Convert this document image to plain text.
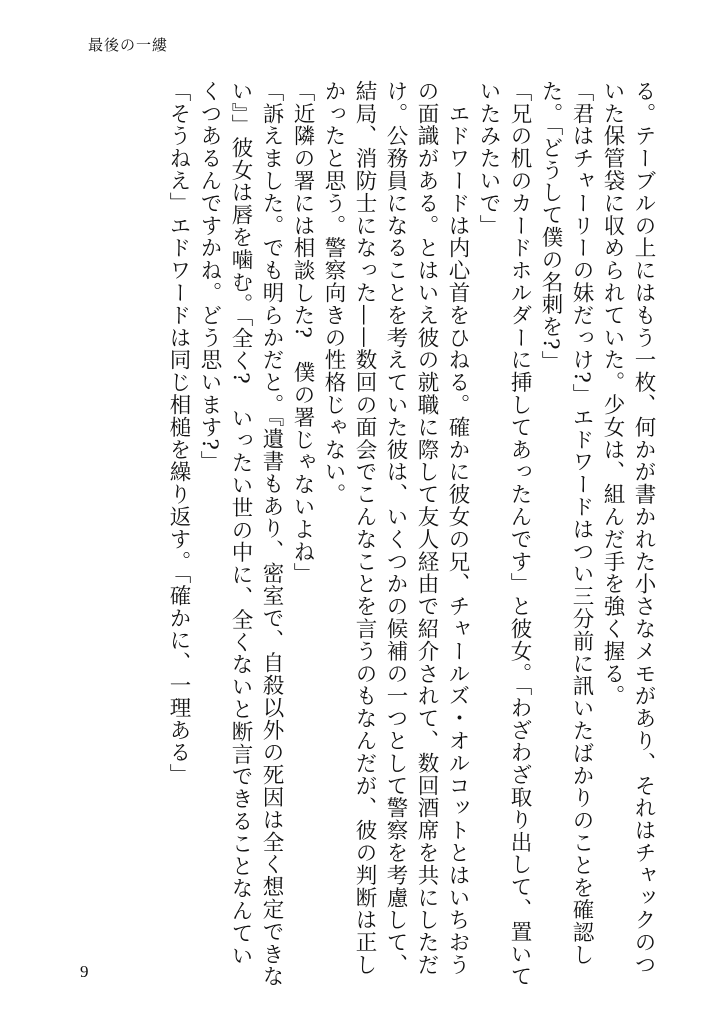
最後の一縷
る。テーブルの上にはもう一枚、何かが書かれた小さなメモがあり、それはチャックのつ
いた保管袋に収められていた。少女は、組んだ手を強く握る。
「君はチャーリーの妹だっけ?」エドワードはつい三分前に訊いたばかりのことを確認し
た。「どうして僕の名刺を?」
「兄の机のカードホルダーに挿してあったんです」と彼女。「わざわざ取り出して、置いて
いたみたいで」
　エドワードは内心首をひねる。確かに彼女の兄、チャールズ・オルコットとはいちおう
の面識がある。とはいえ彼の就職に際して友人経由で紹介されて、数回酒席を共にしただ
け。公務員になることを考えていた彼は、いくつかの候補の一つとして警察を考慮して、
結局、消防士になった——数回の面会でこんなことを言うのもなんだが、彼の判断は正し
かったと思う。警察向きの性格じゃない。
「近隣の署には相談した?　僕の署じゃないよね」
「訴えました。でも明らかだと。『遺書もあり、密室で、自殺以外の死因は全く想定できな
い』」彼女は唇を噛む。「全く?　いったい世の中に、全くないと断言できることなんてい
くつあるんですかね。どう思います?」
「そうねえ」エドワードは同じ相槌を繰り返す。「確かに、一理ある」
9
